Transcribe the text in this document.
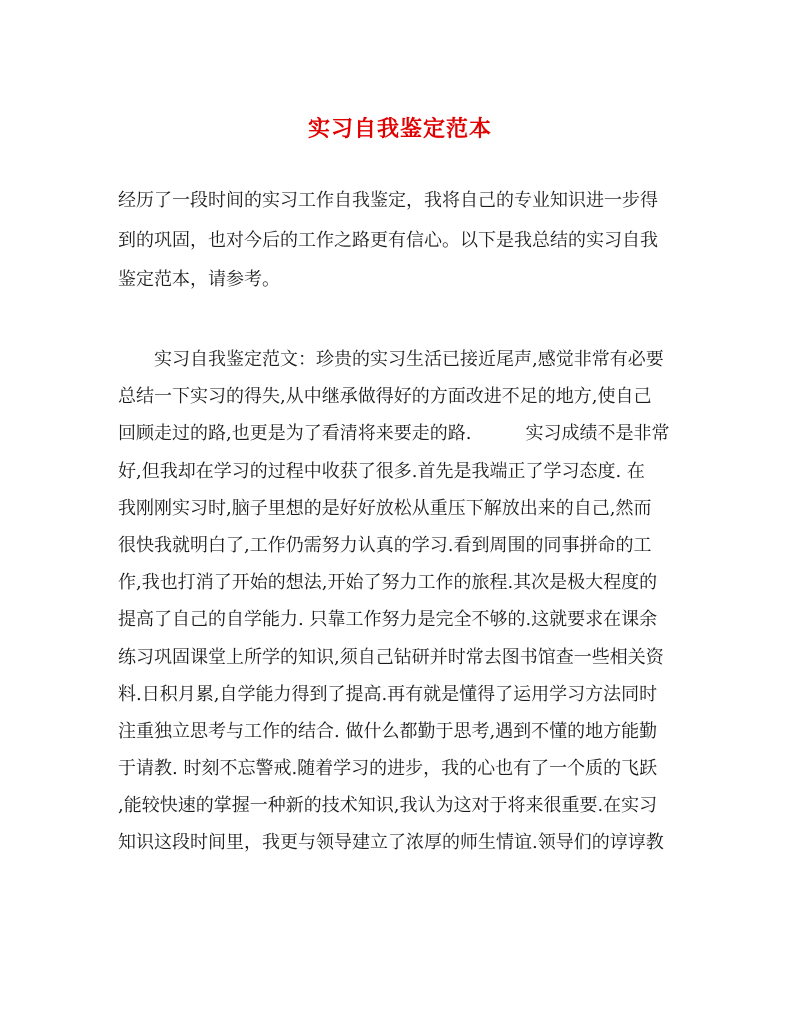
实习自我鉴定范本
经历了一段时间的实习工作自我鉴定，我将自己的专业知识进一步得
到的巩固，也对今后的工作之路更有信心。以下是我总结的实习自我
鉴定范本，请参考。
　　实习自我鉴定范文：珍贵的实习生活已接近尾声,感觉非常有必要
总结一下实习的得失,从中继承做得好的方面改进不足的地方,使自己
回顾走过的路,也更是为了看清将来要走的路.　　　实习成绩不是非常
好,但我却在学习的过程中收获了很多.首先是我端正了学习态度. 在
我刚刚实习时,脑子里想的是好好放松从重压下解放出来的自己,然而
很快我就明白了,工作仍需努力认真的学习.看到周围的同事拼命的工
作,我也打消了开始的想法,开始了努力工作的旅程.其次是极大程度的
提高了自己的自学能力. 只靠工作努力是完全不够的.这就要求在课余
练习巩固课堂上所学的知识,须自己钻研并时常去图书馆查一些相关资
料.日积月累,自学能力得到了提高.再有就是懂得了运用学习方法同时
注重独立思考与工作的结合. 做什么都勤于思考,遇到不懂的地方能勤
于请教. 时刻不忘警戒.随着学习的进步，我的心也有了一个质的飞跃
,能较快速的掌握一种新的技术知识,我认为这对于将来很重要.在实习
知识这段时间里，我更与领导建立了浓厚的师生情谊.领导们的谆谆教
